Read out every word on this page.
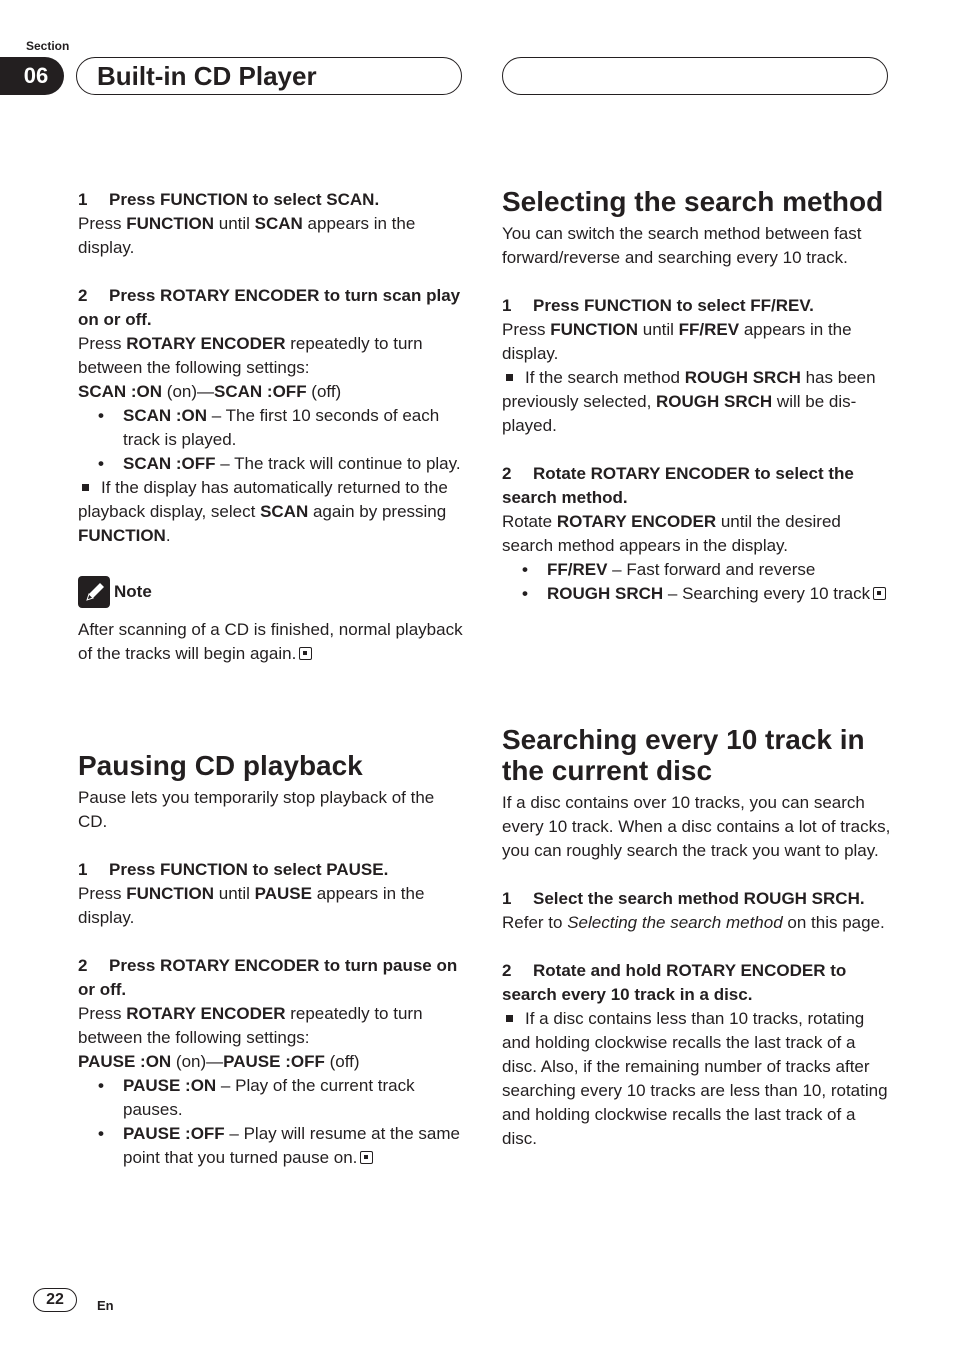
Section
06	Built-in CD Player

1 Press FUNCTION to select SCAN.

Press FUNCTION until SCAN appears in the display.

2 Press ROTARY ENCODER to turn scan play on or off.

Press ROTARY ENCODER repeatedly to turn between the following settings:

SCAN :ON (on)—SCAN :OFF (off)

• SCAN :ON – The first 10 seconds of each track is played.

• SCAN :OFF – The track will continue to play.

If the display has automatically returned to the playback display, select SCAN again by pressing FUNCTION.

Note

After scanning of a CD is finished, normal playback of the tracks will begin again.

Pausing CD playback

Pause lets you temporarily stop playback of the CD.

1 Press FUNCTION to select PAUSE.

Press FUNCTION until PAUSE appears in the display.

2 Press ROTARY ENCODER to turn pause on or off.

Press ROTARY ENCODER repeatedly to turn between the following settings:

PAUSE :ON (on)—PAUSE :OFF (off)

• PAUSE :ON – Play of the current track pauses.

• PAUSE :OFF – Play will resume at the same point that you turned pause on.

Selecting the search method

You can switch the search method between fast forward/reverse and searching every 10 track.

1 Press FUNCTION to select FF/REV.

Press FUNCTION until FF/REV appears in the display.

If the search method ROUGH SRCH has been previously selected, ROUGH SRCH will be displayed.

2 Rotate ROTARY ENCODER to select the search method.

Rotate ROTARY ENCODER until the desired search method appears in the display.

• FF/REV – Fast forward and reverse

• ROUGH SRCH – Searching every 10 track

Searching every 10 track in the current disc

If a disc contains over 10 tracks, you can search every 10 track. When a disc contains a lot of tracks, you can roughly search the track you want to play.

1 Select the search method ROUGH SRCH.

Refer to Selecting the search method on this page.

2 Rotate and hold ROTARY ENCODER to search every 10 track in a disc.

If a disc contains less than 10 tracks, rotating and holding clockwise recalls the last track of a disc. Also, if the remaining number of tracks after searching every 10 tracks are less than 10, rotating and holding clockwise recalls the last track of a disc.

22	En
